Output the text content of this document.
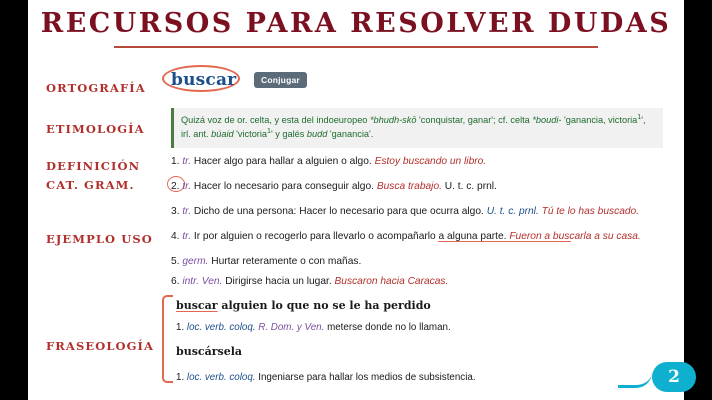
RECURSOS PARA RESOLVER DUDAS
ORTOGRAFÍA
ETIMOLOGÍA
DEFINICIÓN
CAT. GRAM.
EJEMPLO USO
FRASEOLOGÍA
buscar	Conjugar
Quizá voz de or. celta, y esta del indoeuropeo *bhudh-skō 'conquistar, ganar'; cf. celta *boudi- 'ganancia, victoria$^1$', irl. ant. búaid 'victoria$^1$' y galés budd 'ganancia'.
1. tr. Hacer algo para hallar a alguien o algo. Estoy buscando un libro.
2. tr. Hacer lo necesario para conseguir algo. Busca trabajo. U. t. c. prnl.
3. tr. Dicho de una persona: Hacer lo necesario para que ocurra algo. U. t. c. prnl. Tú te lo has buscado.
4. tr. Ir por alguien o recogerlo para llevarlo o acompañarlo a alguna parte. Fueron a buscarla a su casa.
5. germ. Hurtar reteramente o con mañas.
6. intr. Ven. Dirigirse hacia un lugar. Buscaron hacia Caracas.
buscar alguien lo que no se le ha perdido
1. loc. verb. coloq. R. Dom. y Ven. meterse donde no lo llaman.
buscársela
1. loc. verb. coloq. Ingeniarse para hallar los medios de subsistencia.	2
